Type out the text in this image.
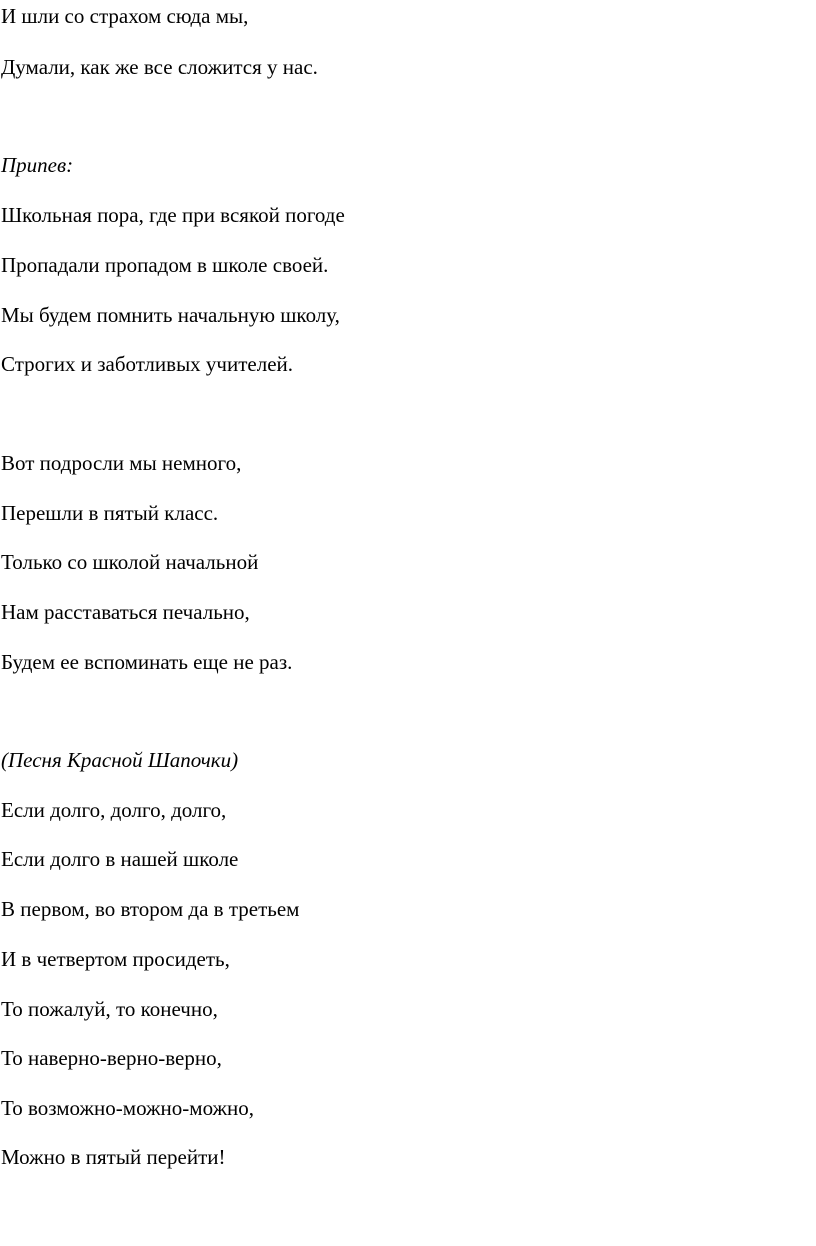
И шли со страхом сюда мы,
Думали, как же все сложится у нас.
Припев:
Школьная пора, где при всякой погоде
Пропадали пропадом в школе своей.
Мы будем помнить начальную школу,
Строгих и заботливых учителей.
Вот подросли мы немного,
Перешли в пятый класс.
Только со школой начальной
Нам расставаться печально,
Будем ее вспоминать еще не раз.
(Песня Красной Шапочки)
Если долго, долго, долго,
Если долго в нашей школе
В первом, во втором да в третьем
И в четвертом просидеть,
То пожалуй, то конечно,
То наверно-верно-верно,
То возможно-можно-можно,
Можно в пятый перейти!
